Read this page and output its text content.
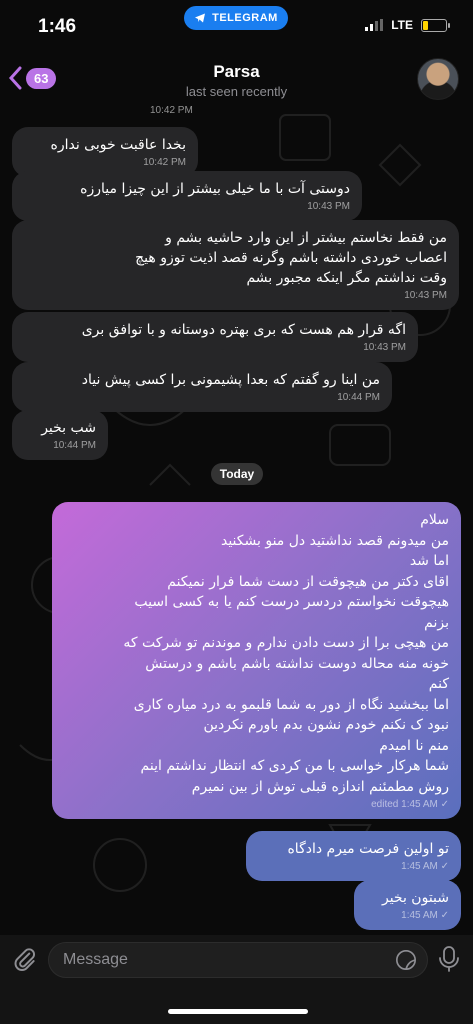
1:46	TELEGRAM	LTE
63	Parsa
last seen recently
10:42 PM
بخدا عاقبت خوبی نداره
10:42 PM
دوستی آت با ما خیلی بیشتر از این چیزا میارزه
10:43 PM
من فقط نخاستم بیشتر از این وارد حاشیه بشم و
اعصاب خوردی داشته باشم وگرنه قصد اذیت توزو هیچ
وقت نداشتم مگر اینکه مجبور بشم
10:43 PM
اگه قرار هم هست که بری بهتره دوستانه و با توافق بری
10:43 PM
من اینا رو گفتم که بعدا پشیمونی برا کسی پیش نیاد
10:44 PM
شب بخیر
10:44 PM
سلام
من میدونم قصد نداشتید دل منو بشکنید
اما شد
اقای دکتر من هیچوقت از دست شما فرار نمیکنم
هیچوقت نخواستم دردسر درست کنم یا به کسی اسیب
بزنم
من هیچی برا از دست دادن ندارم و موندنم تو شرکت که
خونه منه محاله دوست نداشته باشم باشم و درستش
کنم
اما ببخشید نگاه از دور به شما قلبمو به درد میاره کاری
نبود ک نکنم خودم نشون بدم باورم نکردین
منم نا امیدم
شما هرکار خواسی با من کردی که انتظار نداشتم اینم
روش مطمئنم اندازه قبلی توش از بین نمیرم
edited 1:45 AM ✓
تو اولین فرصت میرم دادگاه
1:45 AM ✓
شبتون بخیر
1:45 AM ✓
Today
Message
